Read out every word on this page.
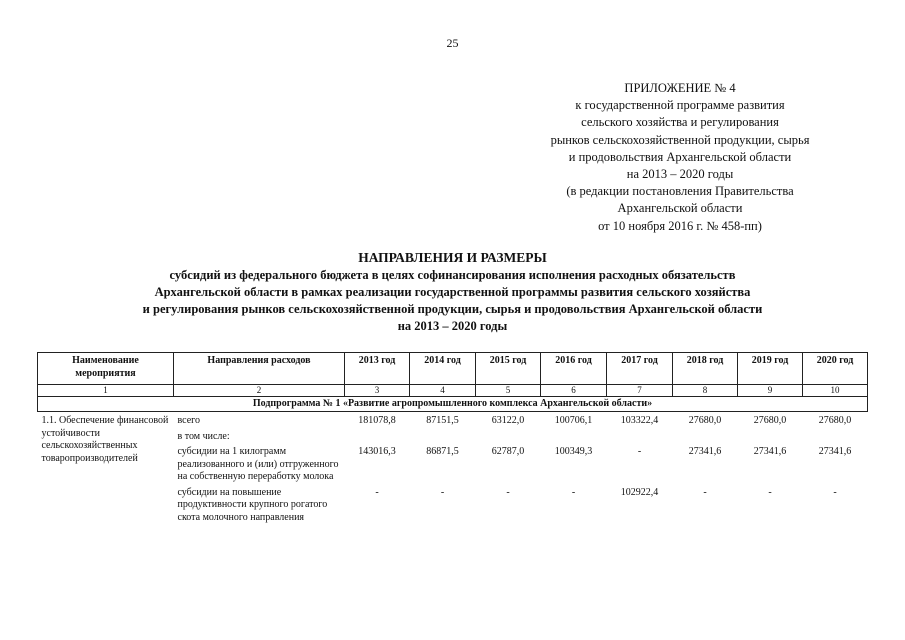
25
ПРИЛОЖЕНИЕ № 4
к государственной программе развития
сельского хозяйства и регулирования
рынков сельскохозяйственной продукции, сырья
и продовольствия Архангельской области
на 2013 – 2020 годы
(в редакции постановления Правительства
Архангельской области
от 10 ноября 2016 г. № 458-пп)
НАПРАВЛЕНИЯ И РАЗМЕРЫ
субсидий из федерального бюджета в целях софинансирования исполнения расходных обязательств
Архангельской области в рамках реализации государственной программы развития сельского хозяйства
и регулирования рынков сельскохозяйственной продукции, сырья и продовольствия Архангельской области
на 2013 – 2020 годы
Наименование мероприятия	Направления расходов	2013 год	2014 год	2015 год	2016 год	2017 год	2018 год	2019 год	2020 год
1	2	3	4	5	6	7	8	9	10
Подпрограмма № 1 «Развитие агропромышленного комплекса Архангельской области»									
1.1. Обеспечение финансовой устойчивости сельскохозяйственных товаропроизводителей	всего	181078,8	87151,5	63122,0	100706,1	103322,4	27680,0	27680,0	27680,0
	в том числе:								
	субсидии на 1 килограмм реализованного и (или) отгруженного на собственную переработку молока	143016,3	86871,5	62787,0	100349,3	-	27341,6	27341,6	27341,6
	субсидии на повышение продуктивности крупного рогатого скота молочного направления	-	-	-	-	102922,4	-	-	-
